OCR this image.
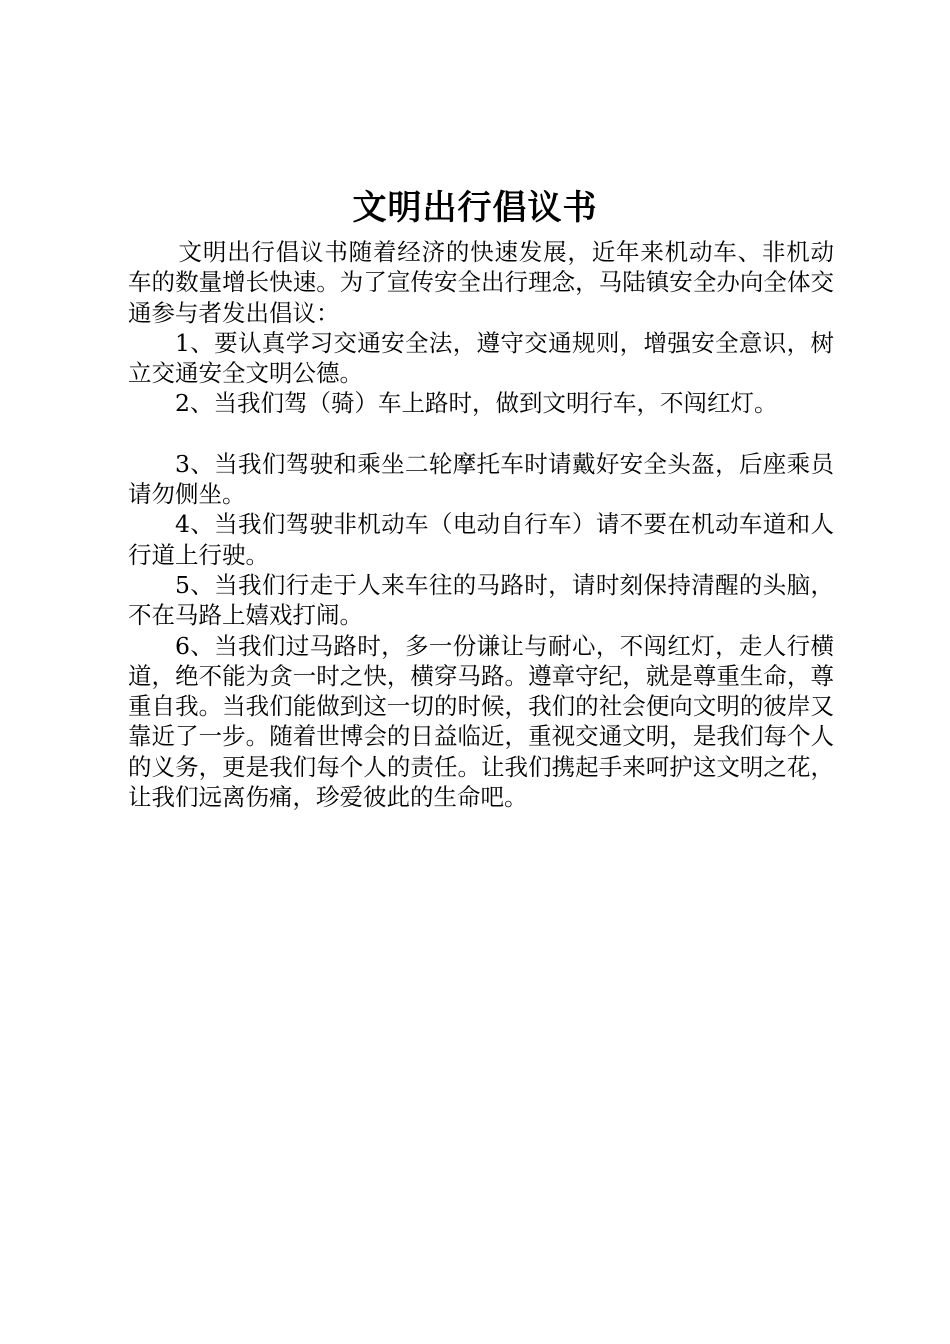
文明出行倡议书

文明出行倡议书随着经济的快速发展，近年来机动车、非机动车的数量增长快速。为了宣传安全出行理念，马陆镇安全办向全体交通参与者发出倡议：

1、要认真学习交通安全法，遵守交通规则，增强安全意识，树立交通安全文明公德。

2、当我们驾（骑）车上路时，做到文明行车，不闯红灯。

3、当我们驾驶和乘坐二轮摩托车时请戴好安全头盔，后座乘员请勿侧坐。

4、当我们驾驶非机动车（电动自行车）请不要在机动车道和人行道上行驶。

5、当我们行走于人来车往的马路时，请时刻保持清醒的头脑，不在马路上嬉戏打闹。

6、当我们过马路时，多一份谦让与耐心，不闯红灯，走人行横道，绝不能为贪一时之快，横穿马路。遵章守纪，就是尊重生命，尊重自我。当我们能做到这一切的时候，我们的社会便向文明的彼岸又靠近了一步。随着世博会的日益临近，重视交通文明，是我们每个人的义务，更是我们每个人的责任。让我们携起手来呵护这文明之花，让我们远离伤痛，珍爱彼此的生命吧。
